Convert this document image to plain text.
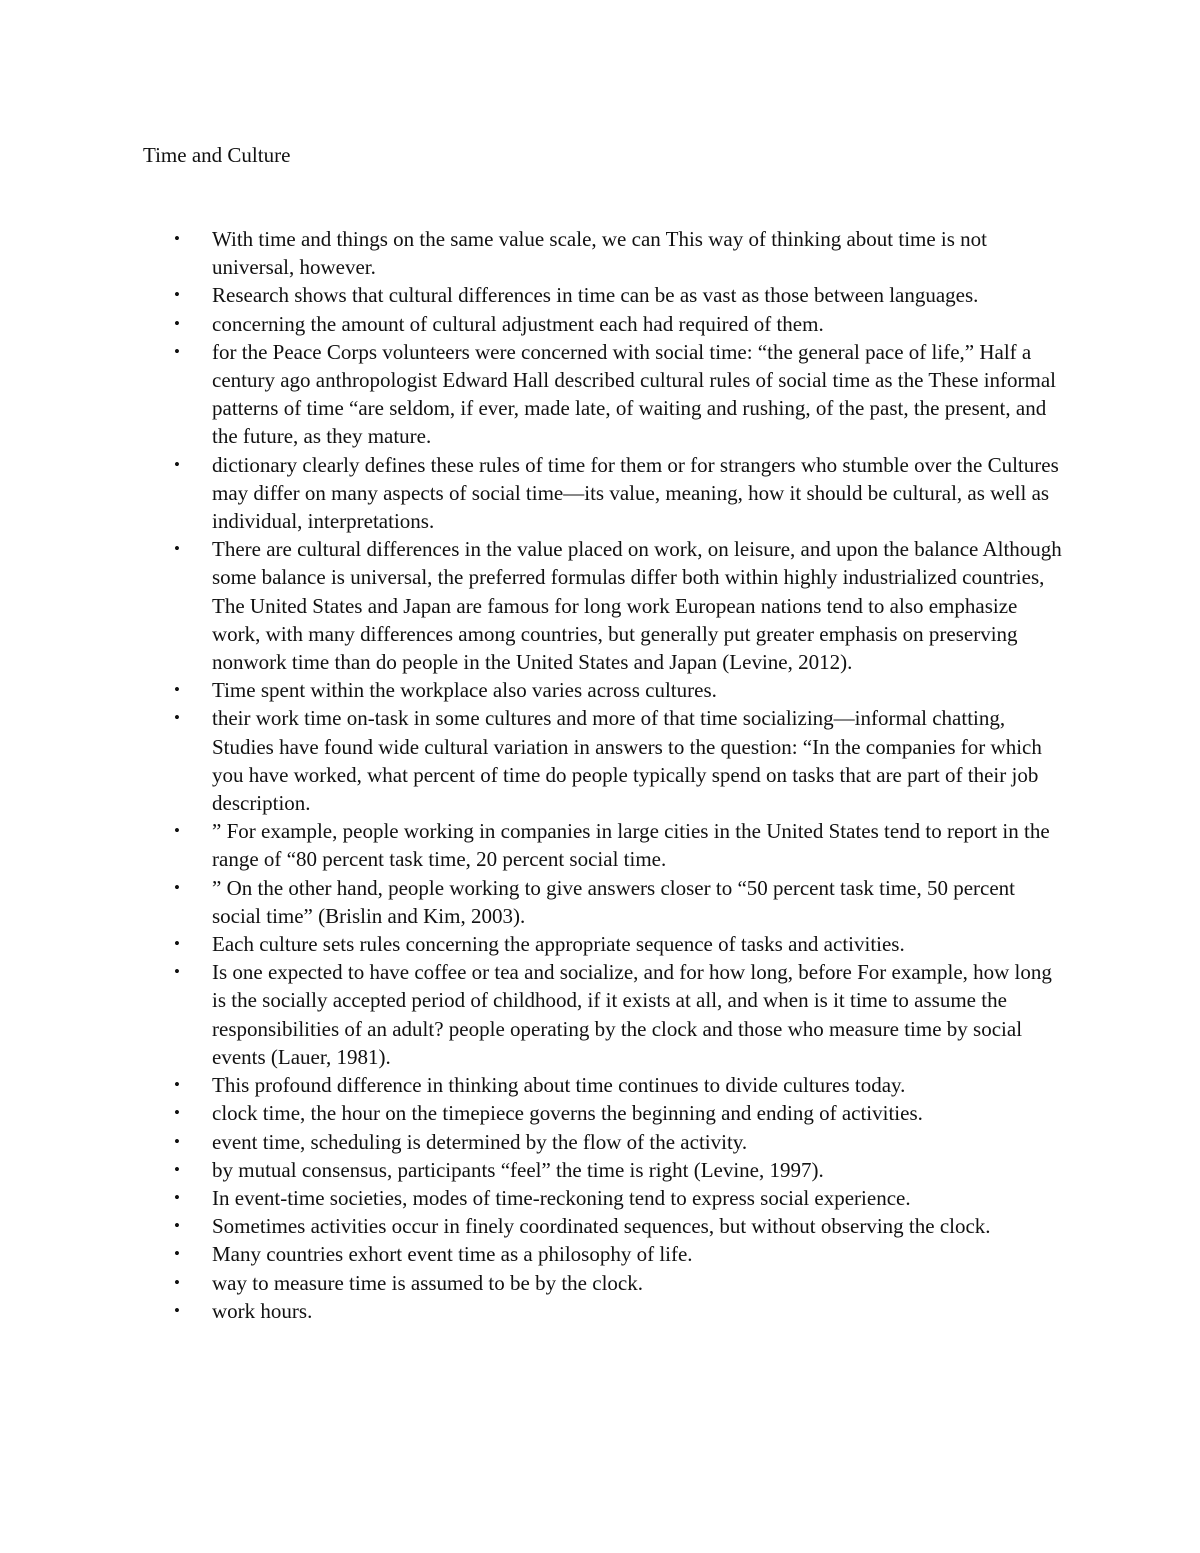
Time and Culture
• With time and things on the same value scale, we can This way of thinking about time is not universal, however.
• Research shows that cultural differences in time can be as vast as those between languages.
• concerning the amount of cultural adjustment each had required of them.
• for the Peace Corps volunteers were concerned with social time: “the general pace of life,” Half a century ago anthropologist Edward Hall described cultural rules of social time as the These informal patterns of time “are seldom, if ever, made late, of waiting and rushing, of the past, the present, and the future, as they mature.
• dictionary clearly defines these rules of time for them or for strangers who stumble over the Cultures may differ on many aspects of social time—its value, meaning, how it should be cultural, as well as individual, interpretations.
• There are cultural differences in the value placed on work, on leisure, and upon the balance Although some balance is universal, the preferred formulas differ both within highly industrialized countries, The United States and Japan are famous for long work European nations tend to also emphasize work, with many differences among countries, but generally put greater emphasis on preserving nonwork time than do people in the United States and Japan (Levine, 2012).
• Time spent within the workplace also varies across cultures.
• their work time on-task in some cultures and more of that time socializing—informal chatting, Studies have found wide cultural variation in answers to the question: “In the companies for which you have worked, what percent of time do people typically spend on tasks that are part of their job description.
• ” For example, people working in companies in large cities in the United States tend to report in the range of “80 percent task time, 20 percent social time.
• ” On the other hand, people working to give answers closer to “50 percent task time, 50 percent social time” (Brislin and Kim, 2003).
• Each culture sets rules concerning the appropriate sequence of tasks and activities.
• Is one expected to have coffee or tea and socialize, and for how long, before For example, how long is the socially accepted period of childhood, if it exists at all, and when is it time to assume the responsibilities of an adult? people operating by the clock and those who measure time by social events (Lauer, 1981).
• This profound difference in thinking about time continues to divide cultures today.
• clock time, the hour on the timepiece governs the beginning and ending of activities.
• event time, scheduling is determined by the flow of the activity.
• by mutual consensus, participants “feel” the time is right (Levine, 1997).
• In event-time societies, modes of time-reckoning tend to express social experience.
• Sometimes activities occur in finely coordinated sequences, but without observing the clock.
• Many countries exhort event time as a philosophy of life.
• way to measure time is assumed to be by the clock.
• work hours.
